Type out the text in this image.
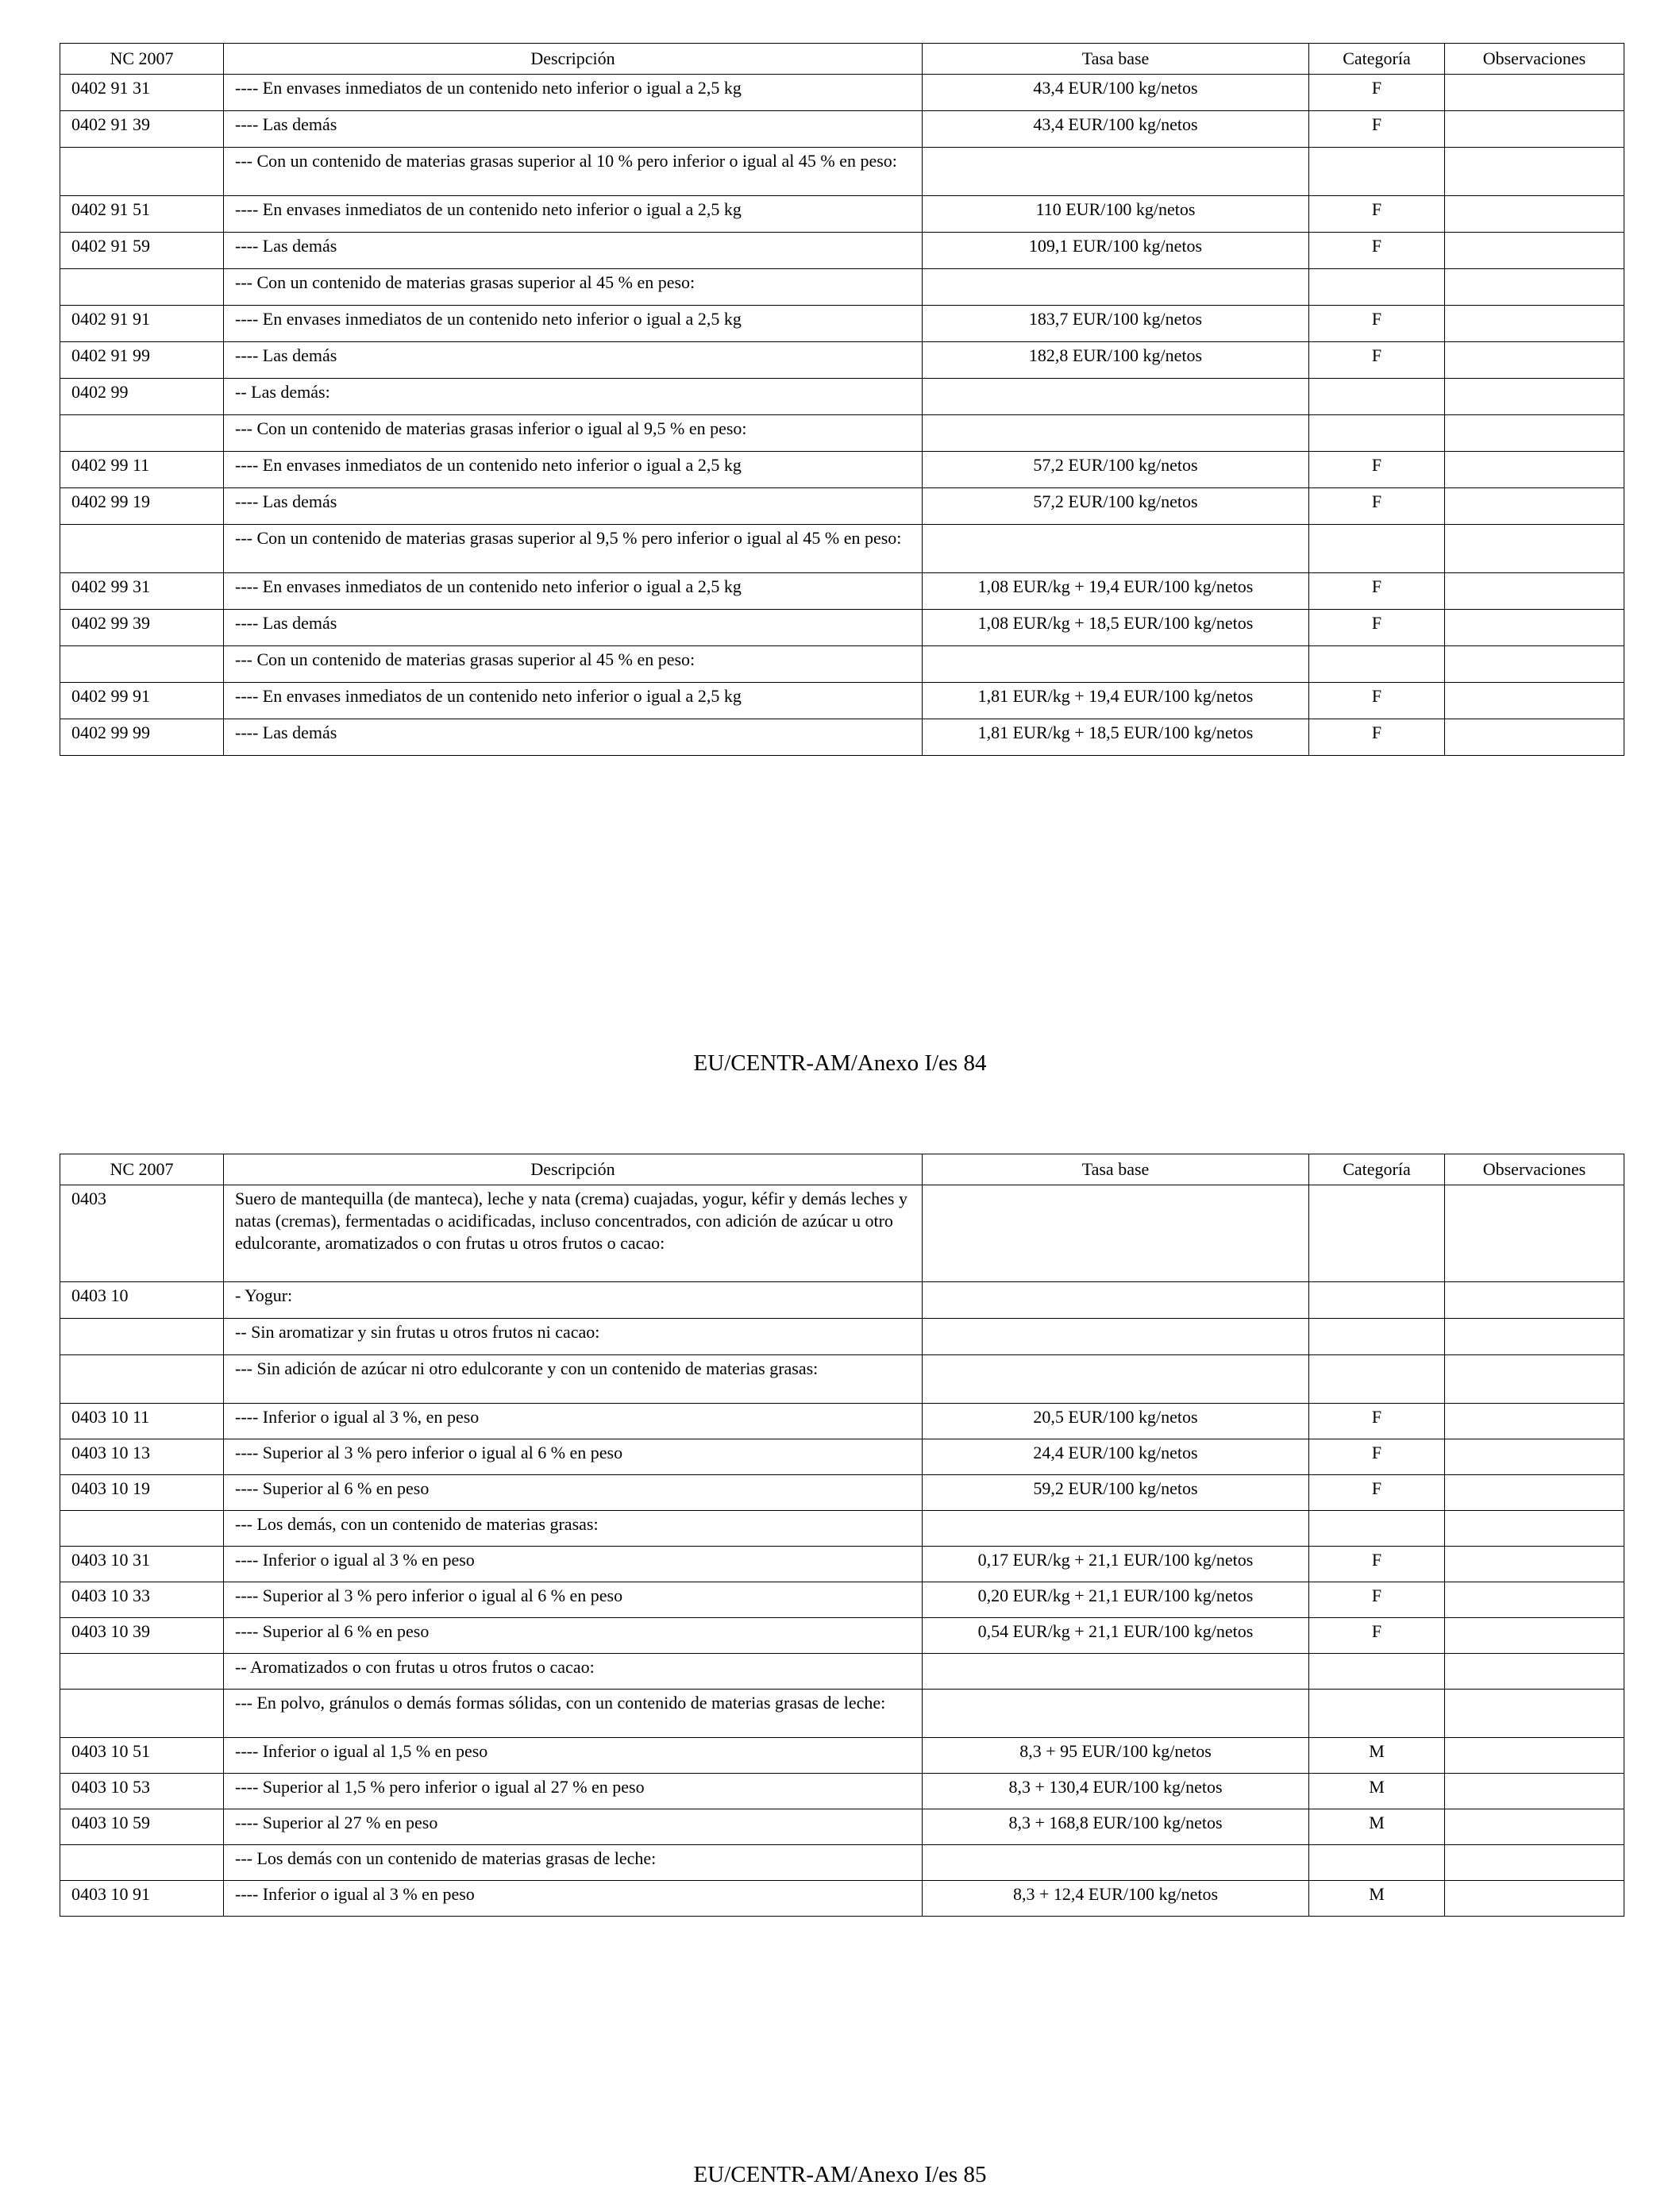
NC 2007	Descripción	Tasa base	Categoría	Observaciones
0402 91 31	---- En envases inmediatos de un contenido neto inferior o igual a 2,5 kg	43,4 EUR/100 kg/netos	F	
0402 91 39	---- Las demás	43,4 EUR/100 kg/netos	F	
	--- Con un contenido de materias grasas superior al 10 % pero inferior o igual al 45 % en peso:			
0402 91 51	---- En envases inmediatos de un contenido neto inferior o igual a 2,5 kg	110 EUR/100 kg/netos	F	
0402 91 59	---- Las demás	109,1 EUR/100 kg/netos	F	
	--- Con un contenido de materias grasas superior al 45 % en peso:			
0402 91 91	---- En envases inmediatos de un contenido neto inferior o igual a 2,5 kg	183,7 EUR/100 kg/netos	F	
0402 91 99	---- Las demás	182,8 EUR/100 kg/netos	F	
0402 99	-- Las demás:			
	--- Con un contenido de materias grasas inferior o igual al 9,5 % en peso:			
0402 99 11	---- En envases inmediatos de un contenido neto inferior o igual a 2,5 kg	57,2 EUR/100 kg/netos	F	
0402 99 19	---- Las demás	57,2 EUR/100 kg/netos	F	
	--- Con un contenido de materias grasas superior al 9,5 % pero inferior o igual al 45 % en peso:			
0402 99 31	---- En envases inmediatos de un contenido neto inferior o igual a 2,5 kg	1,08 EUR/kg + 19,4 EUR/100 kg/netos	F	
0402 99 39	---- Las demás	1,08 EUR/kg + 18,5 EUR/100 kg/netos	F	
	--- Con un contenido de materias grasas superior al 45 % en peso:			
0402 99 91	---- En envases inmediatos de un contenido neto inferior o igual a 2,5 kg	1,81 EUR/kg + 19,4 EUR/100 kg/netos	F	
0402 99 99	---- Las demás	1,81 EUR/kg + 18,5 EUR/100 kg/netos	F	
EU/CENTR-AM/Anexo I/es 84
NC 2007	Descripción	Tasa base	Categoría	Observaciones
0403	Suero de mantequilla (de manteca), leche y nata (crema) cuajadas, yogur, kéfir y demás leches y natas (cremas), fermentadas o acidificadas, incluso concentrados, con adición de azúcar u otro edulcorante, aromatizados o con frutas u otros frutos o cacao:			
0403 10	- Yogur:			
	-- Sin aromatizar y sin frutas u otros frutos ni cacao:			
	--- Sin adición de azúcar ni otro edulcorante y con un contenido de materias grasas:			
0403 10 11	---- Inferior o igual al 3 %, en peso	20,5 EUR/100 kg/netos	F	
0403 10 13	---- Superior al 3 % pero inferior o igual al 6 % en peso	24,4 EUR/100 kg/netos	F	
0403 10 19	---- Superior al 6 % en peso	59,2 EUR/100 kg/netos	F	
	--- Los demás, con un contenido de materias grasas:			
0403 10 31	---- Inferior o igual al 3 % en peso	0,17 EUR/kg + 21,1 EUR/100 kg/netos	F	
0403 10 33	---- Superior al 3 % pero inferior o igual al 6 % en peso	0,20 EUR/kg + 21,1 EUR/100 kg/netos	F	
0403 10 39	---- Superior al 6 % en peso	0,54 EUR/kg + 21,1 EUR/100 kg/netos	F	
	-- Aromatizados o con frutas u otros frutos o cacao:			
	--- En polvo, gránulos o demás formas sólidas, con un contenido de materias grasas de leche:			
0403 10 51	---- Inferior o igual al 1,5 % en peso	8,3 + 95 EUR/100 kg/netos	M	
0403 10 53	---- Superior al 1,5 % pero inferior o igual al 27 % en peso	8,3 + 130,4 EUR/100 kg/netos	M	
0403 10 59	---- Superior al 27 % en peso	8,3 + 168,8 EUR/100 kg/netos	M	
	--- Los demás con un contenido de materias grasas de leche:			
0403 10 91	---- Inferior o igual al 3 % en peso	8,3 + 12,4 EUR/100 kg/netos	M	
EU/CENTR-AM/Anexo I/es 85
